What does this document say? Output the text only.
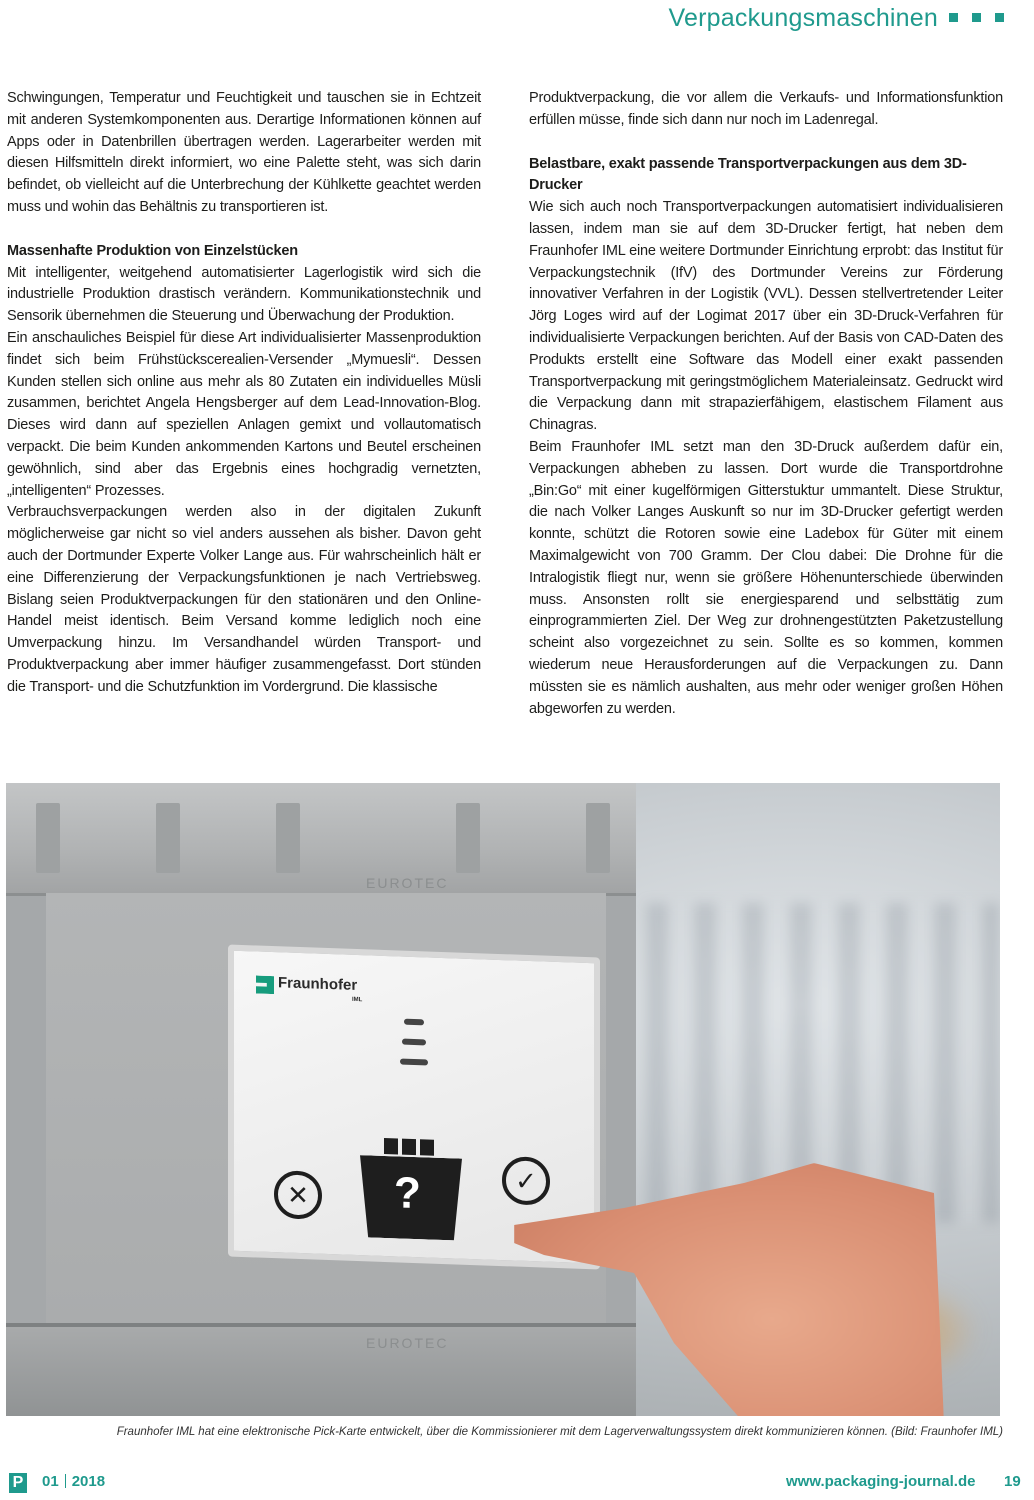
Verpackungsmaschinen

Schwingungen, Temperatur und Feuchtigkeit und tauschen sie in Echtzeit mit anderen Systemkomponenten aus. Derartige Informationen können auf Apps oder in Datenbrillen übertragen werden. Lagerarbeiter werden mit diesen Hilfsmitteln direkt informiert, wo eine Palette steht, was sich darin befindet, ob vielleicht auf die Unterbrechung der Kühlkette geachtet werden muss und wohin das Behältnis zu transportieren ist.

Massenhafte Produktion von Einzelstücken

Mit intelligenter, weitgehend automatisierter Lagerlogistik wird sich die industrielle Produktion drastisch verändern. Kommunikationstechnik und Sensorik übernehmen die Steuerung und Überwachung der Produktion.

Ein anschauliches Beispiel für diese Art individualisierter Massenproduktion findet sich beim Frühstückscerealien-Versender „Mymuesli“. Dessen Kunden stellen sich online aus mehr als 80 Zutaten ein individuelles Müsli zusammen, berichtet Angela Hengsberger auf dem Lead-Innovation-Blog. Dieses wird dann auf speziellen Anlagen gemixt und vollautomatisch verpackt. Die beim Kunden ankommenden Kartons und Beutel erscheinen gewöhnlich, sind aber das Ergebnis eines hochgradig vernetzten, „intelligenten“ Prozesses.

Verbrauchsverpackungen werden also in der digitalen Zukunft möglicherweise gar nicht so viel anders aussehen als bisher. Davon geht auch der Dortmunder Experte Volker Lange aus. Für wahrscheinlich hält er eine Differenzierung der Verpackungsfunktionen je nach Vertriebsweg. Bislang seien Produktverpackungen für den stationären und den Online-Handel meist identisch. Beim Versand komme lediglich noch eine Umverpackung hinzu. Im Versandhandel würden Transport- und Produktverpackung aber immer häufiger zusammengefasst. Dort stünden die Transport- und die Schutzfunktion im Vordergrund. Die klassische

Produktverpackung, die vor allem die Verkaufs- und Informationsfunktion erfüllen müsse, finde sich dann nur noch im Ladenregal.

Belastbare, exakt passende Transportverpackungen aus dem 3D-Drucker

Wie sich auch noch Transportverpackungen automatisiert individualisieren lassen, indem man sie auf dem 3D-Drucker fertigt, hat neben dem Fraunhofer IML eine weitere Dortmunder Einrichtung erprobt: das Institut für Verpackungstechnik (IfV) des Dortmunder Vereins zur Förderung innovativer Verfahren in der Logistik (VVL). Dessen stellvertretender Leiter Jörg Loges wird auf der Logimat 2017 über ein 3D-Druck-Verfahren für individualisierte Verpackungen berichten. Auf der Basis von CAD-Daten des Produkts erstellt eine Software das Modell einer exakt passenden Transportverpackung mit geringstmöglichem Materialeinsatz. Gedruckt wird die Verpackung dann mit strapazierfähigem, elastischem Filament aus Chinagras.

Beim Fraunhofer IML setzt man den 3D-Druck außerdem dafür ein, Verpackungen abheben zu lassen. Dort wurde die Transportdrohne „Bin:Go“ mit einer kugelförmigen Gitterstuktur ummantelt. Diese Struktur, die nach Volker Langes Auskunft so nur im 3D-Drucker gefertigt werden konnte, schützt die Rotoren sowie eine Ladebox für Güter mit einem Maximalgewicht von 700 Gramm. Der Clou dabei: Die Drohne für die Intralogistik fliegt nur, wenn sie größere Höhenunterschiede überwinden muss. Ansonsten rollt sie energiesparend und selbsttätig zum einprogrammierten Ziel. Der Weg zur drohnengestützten Paketzustellung scheint also vorgezeichnet zu sein. Sollte es so kommen, kommen wiederum neue Herausforderungen auf die Verpackungen zu. Dann müssten sie es nämlich aushalten, aus mehr oder weniger großen Höhen abgeworfen zu werden.

EUROTEC
EUROTEC
Fraunhofer
IML
?
✕	✓
Fraunhofer IML hat eine elektronische Pick-Karte entwickelt, über die Kommissionierer mit dem Lagerverwaltungssystem direkt kommunizieren können. (Bild: Fraunhofer IML)
P 01 2018	www.packaging-journal.de 19
